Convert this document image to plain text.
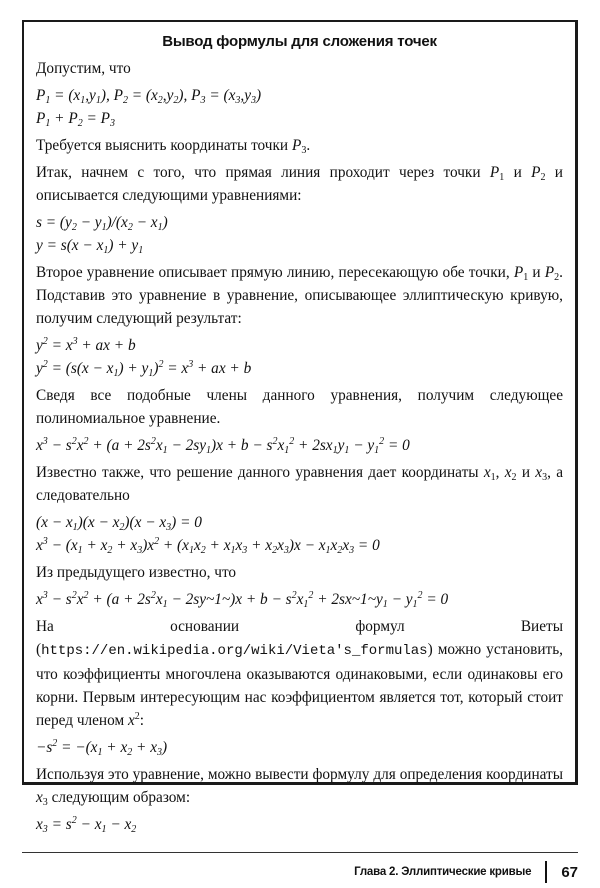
Вывод формулы для сложения точек

Допустим, что

$P_1 = (x_1,y_1)$, $P_2 = (x_2,y_2)$, $P_3 = (x_3,y_3)$
$P_1 + P_2 = P_3$

Требуется выяснить координаты точки $P_3$.

Итак, начнем с того, что прямая линия проходит через точки $P_1$ и $P_2$ и описывается следующими уравнениями:

$s = (y_2 - y_1)/(x_2 - x_1)$
$y = s(x - x_1) + y_1$

Второе уравнение описывает прямую линию, пересекающую обе точки, $P_1$ и $P_2$. Подставив это уравнение в уравнение, описывающее эллиптическую кривую, получим следующий результат:

$y^2 = x^3$ + ax + b
$y^2 = (s(x - x_1) + y_1)^2 = x^3$ + ax + b

Сведя все подобные члены данного уравнения, получим следующее полиномиальное уравнение.

$x^3 - s^2x^2 + (a + 2s^2x_1 - 2sy_1)x + b - s^2x_1^2 + 2sx_1y_1 - y_1^2 = 0$

Известно также, что решение данного уравнения дает координаты $x_1$, $x_2$ и $x_3$, а следовательно

$(x - x_1)(x - x_2)(x - x_3) = 0$
$x^3 - (x_1 + x_2 + x_3)x^2 + (x_1x_2 + x_1x_3 + x_2x_3)x - x_1x_2x_3 = 0$

Из предыдущего известно, что

$x^3 - s^2x^2 + (a + 2s^2x_1$ − 2sy~1~)x + $b - s^2x_1^2$ + $2sx\sim 1\sim y_1 - y_1^2 = 0$

На основании формул Виеты (https://en.wikipedia.org/wiki/Vieta's_formulas) можно установить, что коэффициенты многочлена оказываются одинаковыми, если одинаковы его корни. Первым интересующим нас коэффициентом является тот, который стоит перед членом $x^2$:

$-s^2 = -(x_1 + x_2 + x_3)$

Используя это уравнение, можно вывести формулу для определения координаты $x_3$ следующим образом:

$x_3 = s^2 - x_1 - x_2$
Глава 2. Эллиптические кривые 67
